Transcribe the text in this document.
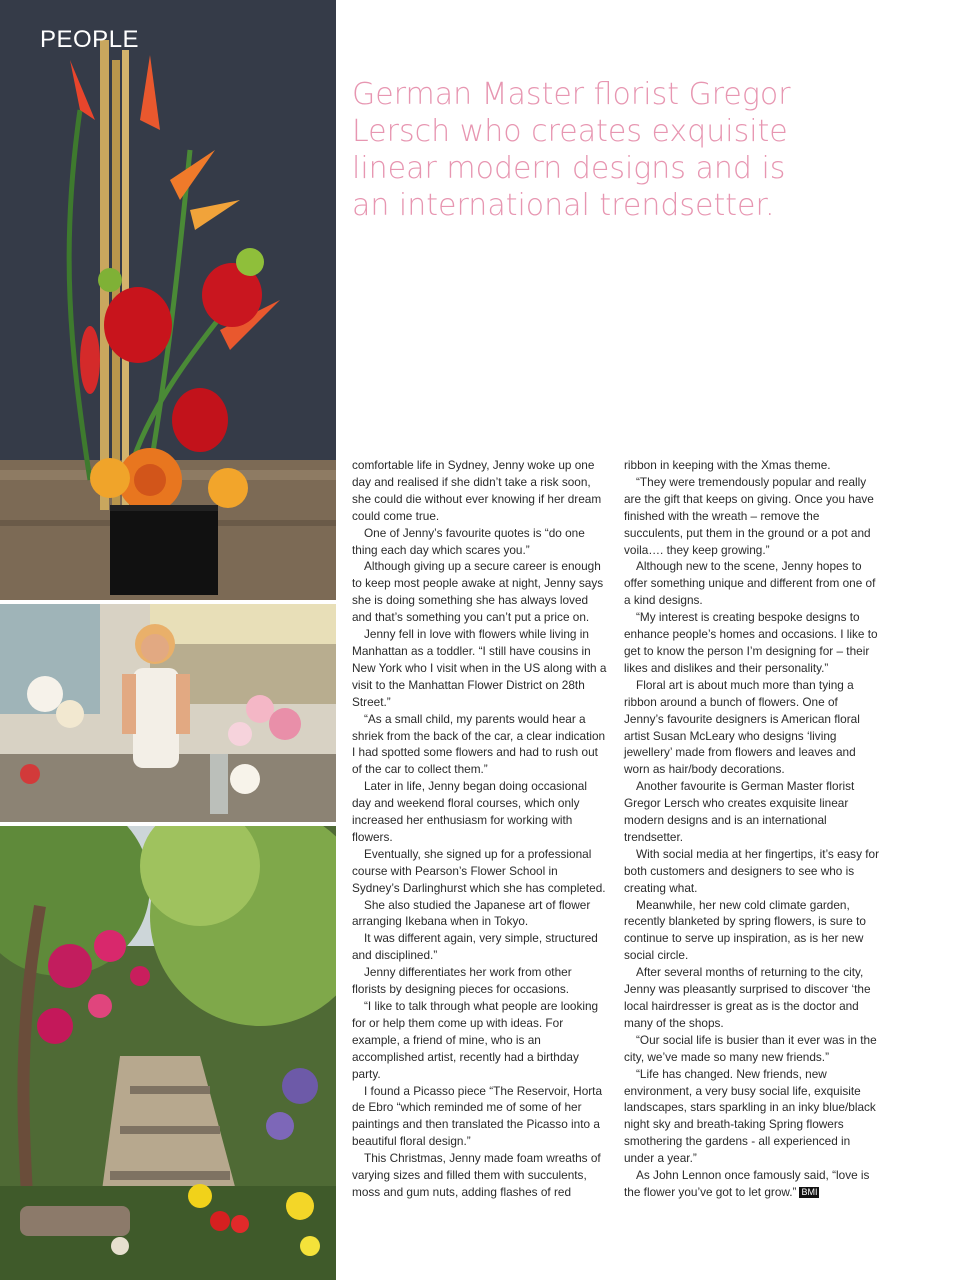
PEOPLE

German Master florist Gregor Lersch who creates exquisite linear modern designs and is an international trendsetter.

comfortable life in Sydney, Jenny woke up one day and realised if she didn’t take a risk soon, she could die without ever knowing if her dream could come true.

One of Jenny’s favourite quotes is “do one thing each day which scares you.”

Although giving up a secure career is enough to keep most people awake at night, Jenny says she is doing something she has always loved and that’s something you can’t put a price on.

Jenny fell in love with flowers while living in Manhattan as a toddler. “I still have cousins in New York who I visit when in the US along with a visit to the Manhattan Flower District on 28th Street.”

“As a small child, my parents would hear a shriek from the back of the car, a clear indication I had spotted some flowers and had to rush out of the car to collect them.”

Later in life, Jenny began doing occasional day and weekend floral courses, which only increased her enthusiasm for working with flowers.

Eventually, she signed up for a professional course with Pearson’s Flower School in Sydney’s Darlinghurst which she has completed.

She also studied the Japanese art of flower arranging Ikebana when in Tokyo.

It was different again, very simple, structured and disciplined.”

Jenny differentiates her work from other florists by designing pieces for occasions.

“I like to talk through what people are looking for or help them come up with ideas. For example, a friend of mine, who is an accomplished artist, recently had a birthday party.

I found a Picasso piece “The Reservoir, Horta de Ebro “which reminded me of some of her paintings and then translated the Picasso into a beautiful floral design.”

This Christmas, Jenny made foam wreaths of varying sizes and filled them with succulents, moss and gum nuts, adding flashes of red

ribbon in keeping with the Xmas theme.

“They were tremendously popular and really are the gift that keeps on giving. Once you have finished with the wreath – remove the succulents, put them in the ground or a pot and voila…. they keep growing.”

Although new to the scene, Jenny hopes to offer something unique and different from one of a kind designs.

“My interest is creating bespoke designs to enhance people’s homes and occasions. I like to get to know the person I’m designing for – their likes and dislikes and their personality.”

Floral art is about much more than tying a ribbon around a bunch of flowers. One of Jenny’s favourite designers is American floral artist Susan McLeary who designs ‘living jewellery’ made from flowers and leaves and worn as hair/body decorations.

Another favourite is German Master florist Gregor Lersch who creates exquisite linear modern designs and is an international trendsetter.

With social media at her fingertips, it’s easy for both customers and designers to see who is creating what.

Meanwhile, her new cold climate garden, recently blanketed by spring flowers, is sure to continue to serve up inspiration, as is her new social circle.

After several months of returning to the city, Jenny was pleasantly surprised to discover ‘the local hairdresser is great as is the doctor and many of the shops.

“Our social life is busier than it ever was in the city, we’ve made so many new friends.”

“Life has changed. New friends, new environment, a very busy social life, exquisite landscapes, stars sparkling in an inky blue/black night sky and breath-taking Spring flowers smothering the gardens - all experienced in under a year.”

As John Lennon once famously said, “love is the flower you’ve got to let grow.” BMI
